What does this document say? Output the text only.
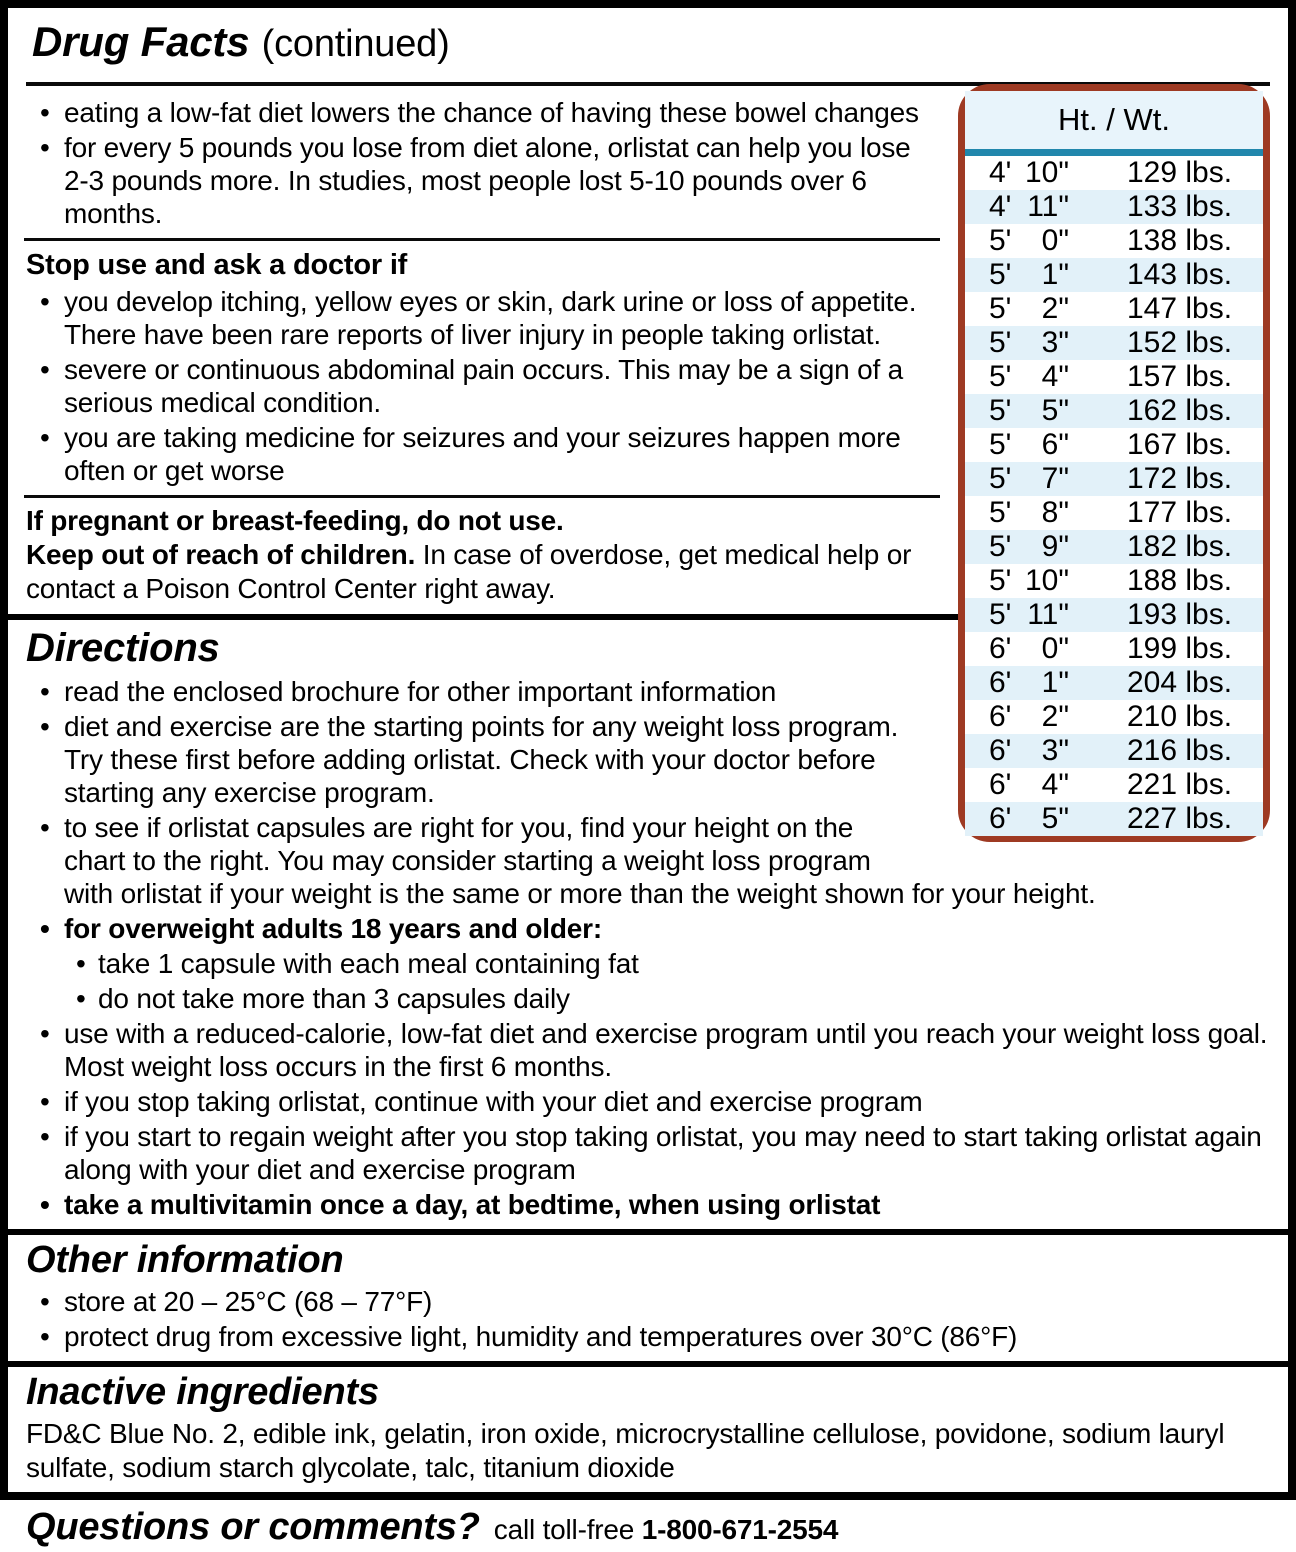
Ht. / Wt.
4' 10" 129 lbs.
4' 11" 133 lbs.
5'	0" 138 lbs.
5'	1" 143 lbs.
5'	2" 147 lbs.
5'	3" 152 lbs.
5'	4" 157 lbs.
5'	5" 162 lbs.
5'	6" 167 lbs.
5'	7" 172 lbs.
5'	8" 177 lbs.
5'	9" 182 lbs.
5' 10" 188 lbs.
5' 11" 193 lbs.
6'	0" 199 lbs.
6'	1" 204 lbs.
6'	2" 210 lbs.
6'	3" 216 lbs.
6'	4" 221 lbs.
6'	5" 227 lbs.
Drug Facts (continued)
• eating a low-fat diet lowers the chance of having these bowel changes
• for every 5 pounds you lose from diet alone, orlistat can help you lose 2-3 pounds more. In studies, most people lost 5-10 pounds over 6 months.
Stop use and ask a doctor if
• you develop itching, yellow eyes or skin, dark urine or loss of appetite. There have been rare reports of liver injury in people taking orlistat.
• severe or continuous abdominal pain occurs. This may be a sign of a serious medical condition.
• you are taking medicine for seizures and your seizures happen more often or get worse

If pregnant or breast-feeding, do not use.

Keep out of reach of children. In case of overdose, get medical help or contact a Poison Control Center right away.

Directions
• read the enclosed brochure for other important information
• diet and exercise are the starting points for any weight loss program. Try these first before adding orlistat. Check with your doctor before starting any exercise program.
• to see if orlistat capsules are right for you, find your height on the chart to the right. You may consider starting a weight loss program with orlistat if your weight is the same or more than the weight shown for your height.
• for overweight adults 18 years and older:
• take 1 capsule with each meal containing fat
• do not take more than 3 capsules daily
• use with a reduced-calorie, low-fat diet and exercise program until you reach your weight loss goal. Most weight loss occurs in the first 6 months.
• if you stop taking orlistat, continue with your diet and exercise program
• if you start to regain weight after you stop taking orlistat, you may need to start taking orlistat again along with your diet and exercise program
• take a multivitamin once a day, at bedtime, when using orlistat
Other information
• store at 20 – 25°C (68 – 77°F)
• protect drug from excessive light, humidity and temperatures over 30°C (86°F)
Inactive ingredients

FD&C Blue No. 2, edible ink, gelatin, iron oxide, microcrystalline cellulose, povidone, sodium lauryl sulfate, sodium starch glycolate, talc, titanium dioxide

Questions or comments? call toll-free 1-800-671-2554
